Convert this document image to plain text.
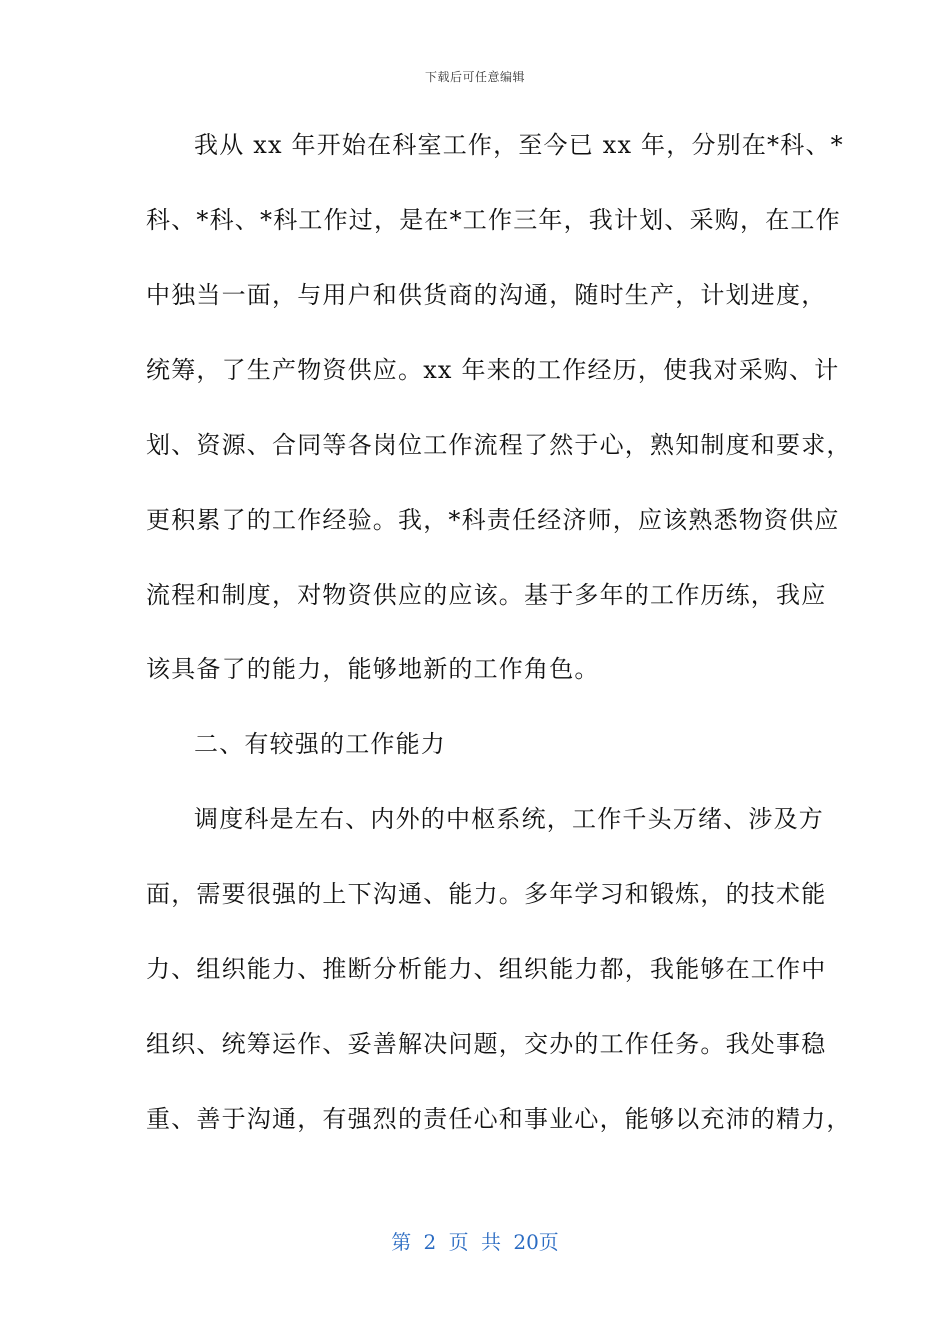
下载后可任意编辑
我从 xx 年开始在科室工作，至今已 xx 年，分别在*科、*
科、*科、*科工作过，是在*工作三年，我计划、采购，在工作
中独当一面，与用户和供货商的沟通，随时生产，计划进度，
统筹，了生产物资供应。xx 年来的工作经历，使我对采购、计
划、资源、合同等各岗位工作流程了然于心，熟知制度和要求，
更积累了的工作经验。我，*科责任经济师，应该熟悉物资供应
流程和制度，对物资供应的应该。基于多年的工作历练，我应
该具备了的能力，能够地新的工作角色。
二、有较强的工作能力
调度科是左右、内外的中枢系统，工作千头万绪、涉及方
面，需要很强的上下沟通、能力。多年学习和锻炼，的技术能
力、组织能力、推断分析能力、组织能力都，我能够在工作中
组织、统筹运作、妥善解决问题，交办的工作任务。我处事稳
重、善于沟通，有强烈的责任心和事业心，能够以充沛的精力，
第 2 页 共 20页
